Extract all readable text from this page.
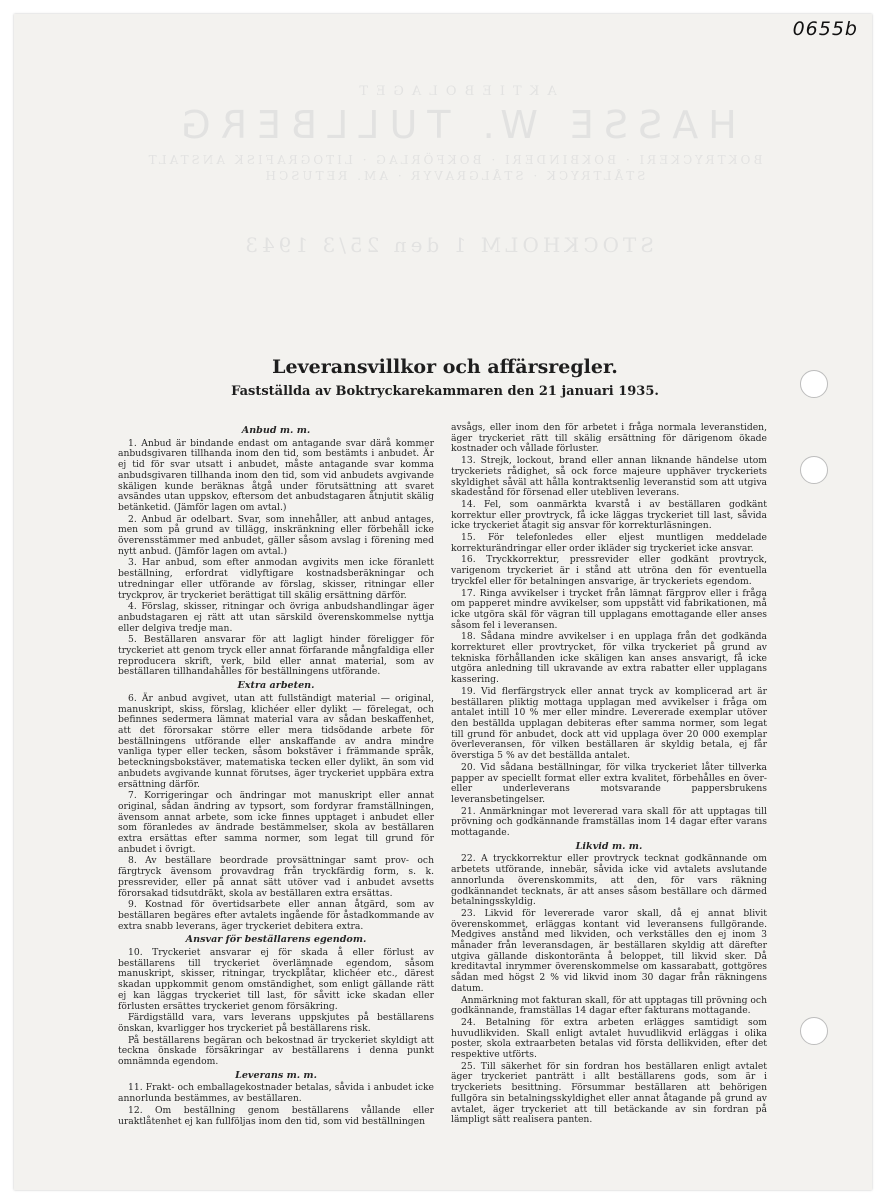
0655b
AKTIEBOLAGET
HASSE W. TULLBERG
BOKTRYCKERI · BOKBINDERI · BOKFÖRLAG · LITOGRAFISK ANSTALT
STÅLTRYCK · STÅLGRAVYR · AM. RETUSCH
STOCKHOLM 1 den 25/3 1943
Leveransvillkor och affärsregler.
Fastställda av Boktryckarekammaren den 21 januari 1935.
Anbud m. m.

1. Anbud är bindande endast om antagande svar därå kommer anbudsgivaren tillhanda inom den tid, som bestämts i anbudet. Är ej tid för svar utsatt i anbudet, måste antagande svar komma anbudsgivaren tillhanda inom den tid, som vid anbudets avgivande skäligen kunde beräknas åtgå under förutsättning att svaret avsändes utan uppskov, eftersom det anbudstagaren åtnjutit skälig betänketid. (Jämför lagen om avtal.)

2. Anbud är odelbart. Svar, som innehåller, att anbud antages, men som på grund av tillägg, inskränkning eller förbehåll icke överensstämmer med anbudet, gäller såsom avslag i förening med nytt anbud. (Jämför lagen om avtal.)

3. Har anbud, som efter anmodan avgivits men icke föranlett beställning, erfordrat vidlyftigare kostnadsberäkningar och utredningar eller utförande av förslag, skisser, ritningar eller tryckprov, är tryckeriet berättigat till skälig ersättning därför.

4. Förslag, skisser, ritningar och övriga anbudshandlingar äger anbudstagaren ej rätt att utan särskild överenskommelse nyttja eller delgiva tredje man.

5. Beställaren ansvarar för att lagligt hinder föreligger för tryckeriet att genom tryck eller annat förfarande mångfaldiga eller reproducera skrift, verk, bild eller annat material, som av beställaren tillhandahålles för beställningens utförande.

Extra arbeten.

6. Är anbud avgivet, utan att fullständigt material — original, manuskript, skiss, förslag, klichéer eller dylikt — förelegat, och befinnes sedermera lämnat material vara av sådan beskaffenhet, att det förorsakar större eller mera tidsödande arbete för beställningens utförande eller anskaffande av andra mindre vanliga typer eller tecken, såsom bokstäver i främmande språk, beteckningsbokstäver, matematiska tecken eller dylikt, än som vid anbudets avgivande kunnat förutses, äger tryckeriet uppbära extra ersättning därför.

7. Korrigeringar och ändringar mot manuskript eller annat original, sådan ändring av typsort, som fordyrar framställningen, ävensom annat arbete, som icke finnes upptaget i anbudet eller som föranledes av ändrade bestämmelser, skola av beställaren extra ersättas efter samma normer, som legat till grund för anbudet i övrigt.

8. Av beställare beordrade provsättningar samt prov- och färgtryck ävensom provavdrag från tryckfärdig form, s. k. pressrevider, eller på annat sätt utöver vad i anbudet avsetts förorsakad tidsutdräkt, skola av beställaren extra ersättas.

9. Kostnad för övertidsarbete eller annan åtgärd, som av beställaren begäres efter avtalets ingående för åstadkommande av extra snabb leverans, äger tryckeriet debitera extra.

Ansvar för beställarens egendom.

10. Tryckeriet ansvarar ej för skada å eller förlust av beställarens till tryckeriet överlämnade egendom, såsom manuskript, skisser, ritningar, tryckplåtar, klichéer etc., därest skadan uppkommit genom omständighet, som enligt gällande rätt ej kan läggas tryckeriet till last, för såvitt icke skadan eller förlusten ersättes tryckeriet genom försäkring.

Färdigställd vara, vars leverans uppskjutes på beställarens önskan, kvarligger hos tryckeriet på beställarens risk.

På beställarens begäran och bekostnad är tryckeriet skyldigt att teckna önskade försäkringar av beställarens i denna punkt omnämnda egendom.

Leverans m. m.

11. Frakt- och emballagekostnader betalas, såvida i anbudet icke annorlunda bestämmes, av beställaren.

12. Om beställning genom beställarens vållande eller uraktlåtenhet ej kan fullföljas inom den tid, som vid beställningen

avsågs, eller inom den för arbetet i fråga normala leveranstiden, äger tryckeriet rätt till skälig ersättning för därigenom ökade kostnader och vållade förluster.

13. Strejk, lockout, brand eller annan liknande händelse utom tryckeriets rådighet, så ock force majeure upphäver tryckeriets skyldighet såväl att hålla kontraktsenlig leveranstid som att utgiva skadestånd för försenad eller utebliven leverans.

14. Fel, som oanmärkta kvarstå i av beställaren godkänt korrektur eller provtryck, få icke läggas tryckeriet till last, såvida icke tryckeriet åtagit sig ansvar för korrekturläsningen.

15. För telefonledes eller eljest muntligen meddelade korrekturändringar eller order ikläder sig tryckeriet icke ansvar.

16. Tryckkorrektur, pressrevider eller godkänt provtryck, varigenom tryckeriet är i stånd att utröna den för eventuella tryckfel eller för betalningen ansvarige, är tryckeriets egendom.

17. Ringa avvikelser i trycket från lämnat färgprov eller i fråga om papperet mindre avvikelser, som uppstått vid fabrikationen, må icke utgöra skäl för vägran till upplagans emottagande eller anses såsom fel i leveransen.

18. Sådana mindre avvikelser i en upplaga från det godkända korrekturet eller provtrycket, för vilka tryckeriet på grund av tekniska förhållanden icke skäligen kan anses ansvarigt, få icke utgöra anledning till ukravande av extra rabatter eller upplagans kassering.

19. Vid flerfärgstryck eller annat tryck av komplicerad art är beställaren pliktig mottaga upplagan med avvikelser i fråga om antalet intill 10 % mer eller mindre. Levererade exemplar utöver den beställda upplagan debiteras efter samma normer, som legat till grund för anbudet, dock att vid upplaga över 20 000 exemplar överleveransen, för vilken beställaren är skyldig betala, ej får överstiga 5 % av det beställda antalet.

20. Vid sådana beställningar, för vilka tryckeriet låter tillverka papper av speciellt format eller extra kvalitet, förbehålles en över- eller underleverans motsvarande pappersbrukens leveransbetingelser.

21. Anmärkningar mot levererad vara skall för att upptagas till prövning och godkännande framställas inom 14 dagar efter varans mottagande.

Likvid m. m.

22. A tryckkorrektur eller provtryck tecknat godkännande om arbetets utförande, innebär, såvida icke vid avtalets avslutande annorlunda överenskommits, att den, för vars räkning godkännandet tecknats, är att anses såsom beställare och därmed betalningsskyldig.

23. Likvid för levererade varor skall, då ej annat blivit överenskommet, erläggas kontant vid leveransens fullgörande. Medgives anstånd med likviden, och verkställes den ej inom 3 månader från leveransdagen, är beställaren skyldig att därefter utgiva gällande diskontoränta å beloppet, till likvid sker. Då kreditavtal inrymmer överenskommelse om kassarabatt, gottgöres sådan med högst 2 % vid likvid inom 30 dagar från räkningens datum.

Anmärkning mot fakturan skall, för att upptagas till prövning och godkännande, framställas 14 dagar efter fakturans mottagande.

24. Betalning för extra arbeten erlägges samtidigt som huvudlikviden. Skall enligt avtalet huvudlikvid erläggas i olika poster, skola extraarbeten betalas vid första dellikviden, efter det respektive utförts.

25. Till säkerhet för sin fordran hos beställaren enligt avtalet äger tryckeriet panträtt i allt beställarens gods, som är i tryckeriets besittning. Försummar beställaren att behörigen fullgöra sin betalningsskyldighet eller annat åtagande på grund av avtalet, äger tryckeriet att till betäckande av sin fordran på lämpligt sätt realisera panten.
